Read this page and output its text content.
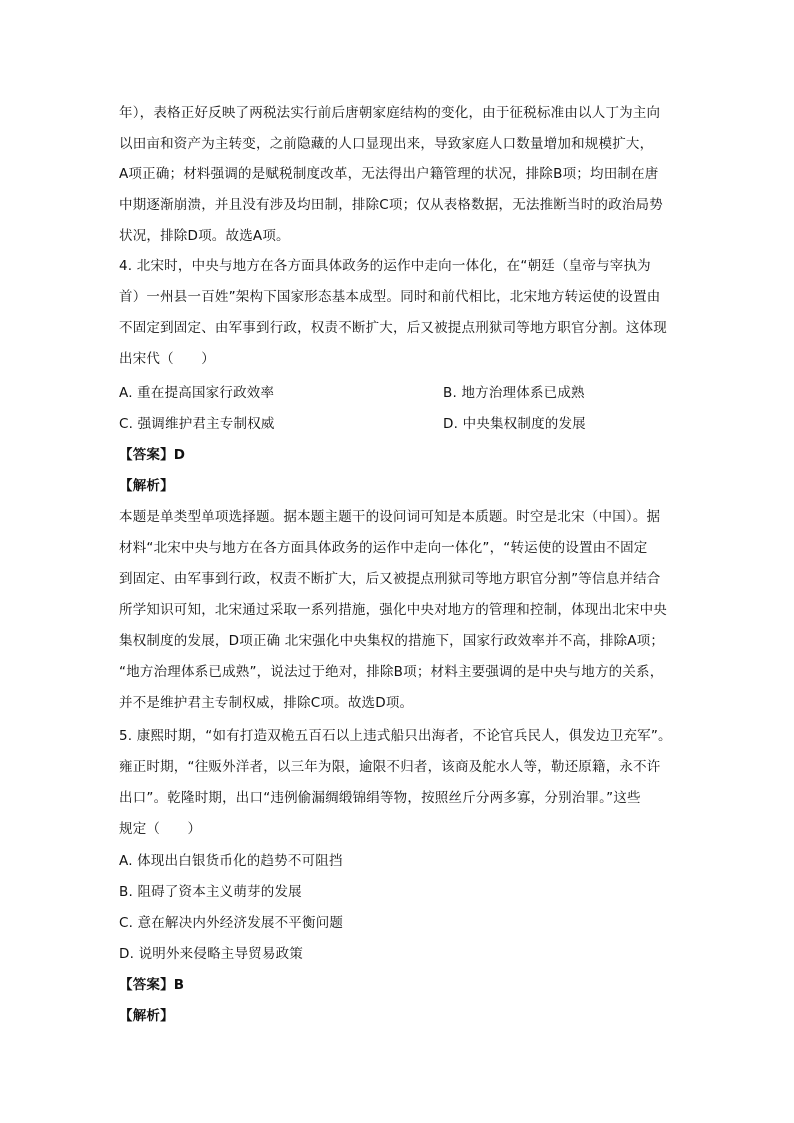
年），表格正好反映了两税法实行前后唐朝家庭结构的变化，由于征税标准由以人丁为主向
以田亩和资产为主转变，之前隐藏的人口显现出来，导致家庭人口数量增加和规模扩大，
A项正确；材料强调的是赋税制度改革，无法得出户籍管理的状况，排除B项；均田制在唐
中期逐渐崩溃，并且没有涉及均田制，排除C项；仅从表格数据，无法推断当时的政治局势
状况，排除D项。故选A项。
4. 北宋时，中央与地方在各方面具体政务的运作中走向一体化，在“朝廷（皇帝与宰执为
首）一州县一百姓”架构下国家形态基本成型。同时和前代相比，北宋地方转运使的设置由
不固定到固定、由军事到行政，权责不断扩大，后又被提点刑狱司等地方职官分割。这体现
出宋代（　　）
A. 重在提高国家行政效率	B. 地方治理体系已成熟
C. 强调维护君主专制权威	D. 中央集权制度的发展
【答案】D
【解析】
本题是单类型单项选择题。据本题主题干的设问词可知是本质题。时空是北宋（中国）。据
材料“北宋中央与地方在各方面具体政务的运作中走向一体化”，“转运使的设置由不固定
到固定、由军事到行政，权责不断扩大，后又被提点刑狱司等地方职官分割”等信息并结合
所学知识可知，北宋通过采取一系列措施，强化中央对地方的管理和控制，体现出北宋中央
集权制度的发展，D项正确 北宋强化中央集权的措施下，国家行政效率并不高，排除A项；
“地方治理体系已成熟”，说法过于绝对，排除B项；材料主要强调的是中央与地方的关系，
并不是维护君主专制权威，排除C项。故选D项。
5. 康熙时期，“如有打造双桅五百石以上违式船只出海者，不论官兵民人，俱发边卫充军”。
雍正时期，“往贩外洋者，以三年为限，逾限不归者，该商及舵水人等，勒还原籍，永不许
出口”。乾隆时期，出口“违例偷漏绸缎锦绢等物，按照丝斤分两多寡，分别治罪。”这些
规定（　　）
A. 体现出白银货币化的趋势不可阻挡
B. 阻碍了资本主义萌芽的发展
C. 意在解决内外经济发展不平衡问题
D. 说明外来侵略主导贸易政策
【答案】B
【解析】
